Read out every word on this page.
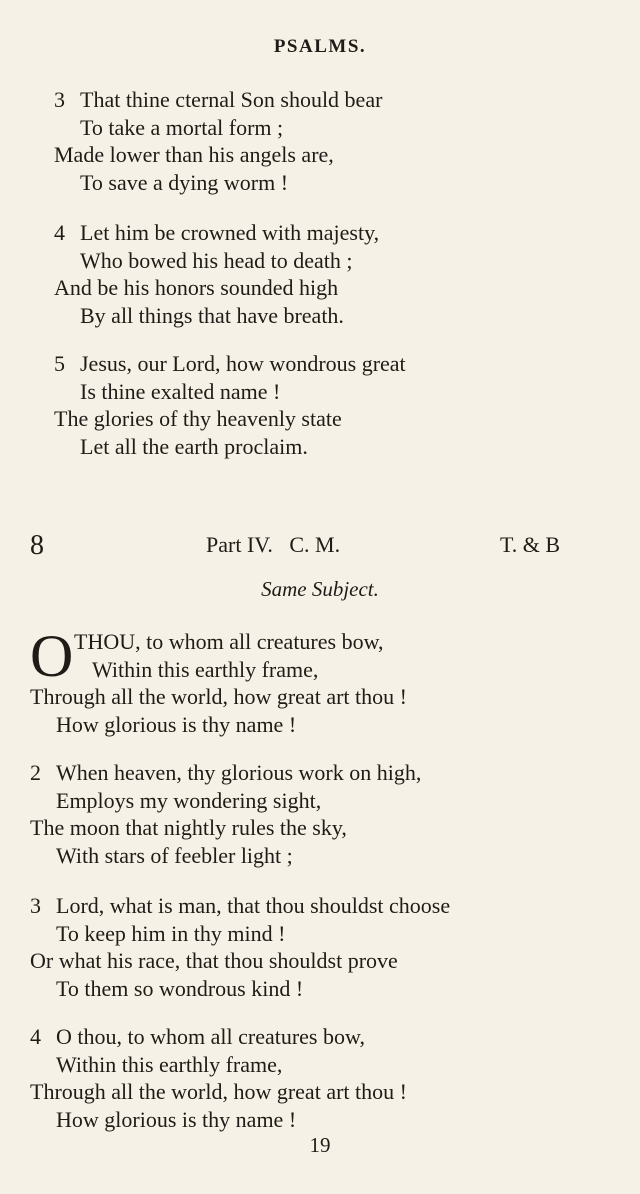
PSALMS.
3 That thine cternal Son should bear
To take a mortal form ;
Made lower than his angels are,
To save a dying worm !
4 Let him be crowned with majesty,
Who bowed his head to death ;
And be his honors sounded high
By all things that have breath.
5 Jesus, our Lord, how wondrous great
Is thine exalted name !
The glories of thy heavenly state
Let all the earth proclaim.
8	Part IV.   C. M.	T. & B
Same Subject.
O THOU, to whom all creatures bow,
Within this earthly frame,
Through all the world, how great art thou !
How glorious is thy name !
2 When heaven, thy glorious work on high,
Employs my wondering sight,
The moon that nightly rules the sky,
With stars of feebler light ;
3 Lord, what is man, that thou shouldst choose
To keep him in thy mind !
Or what his race, that thou shouldst prove
To them so wondrous kind !
4 O thou, to whom all creatures bow,
Within this earthly frame,
Through all the world, how great art thou !
How glorious is thy name !
19
